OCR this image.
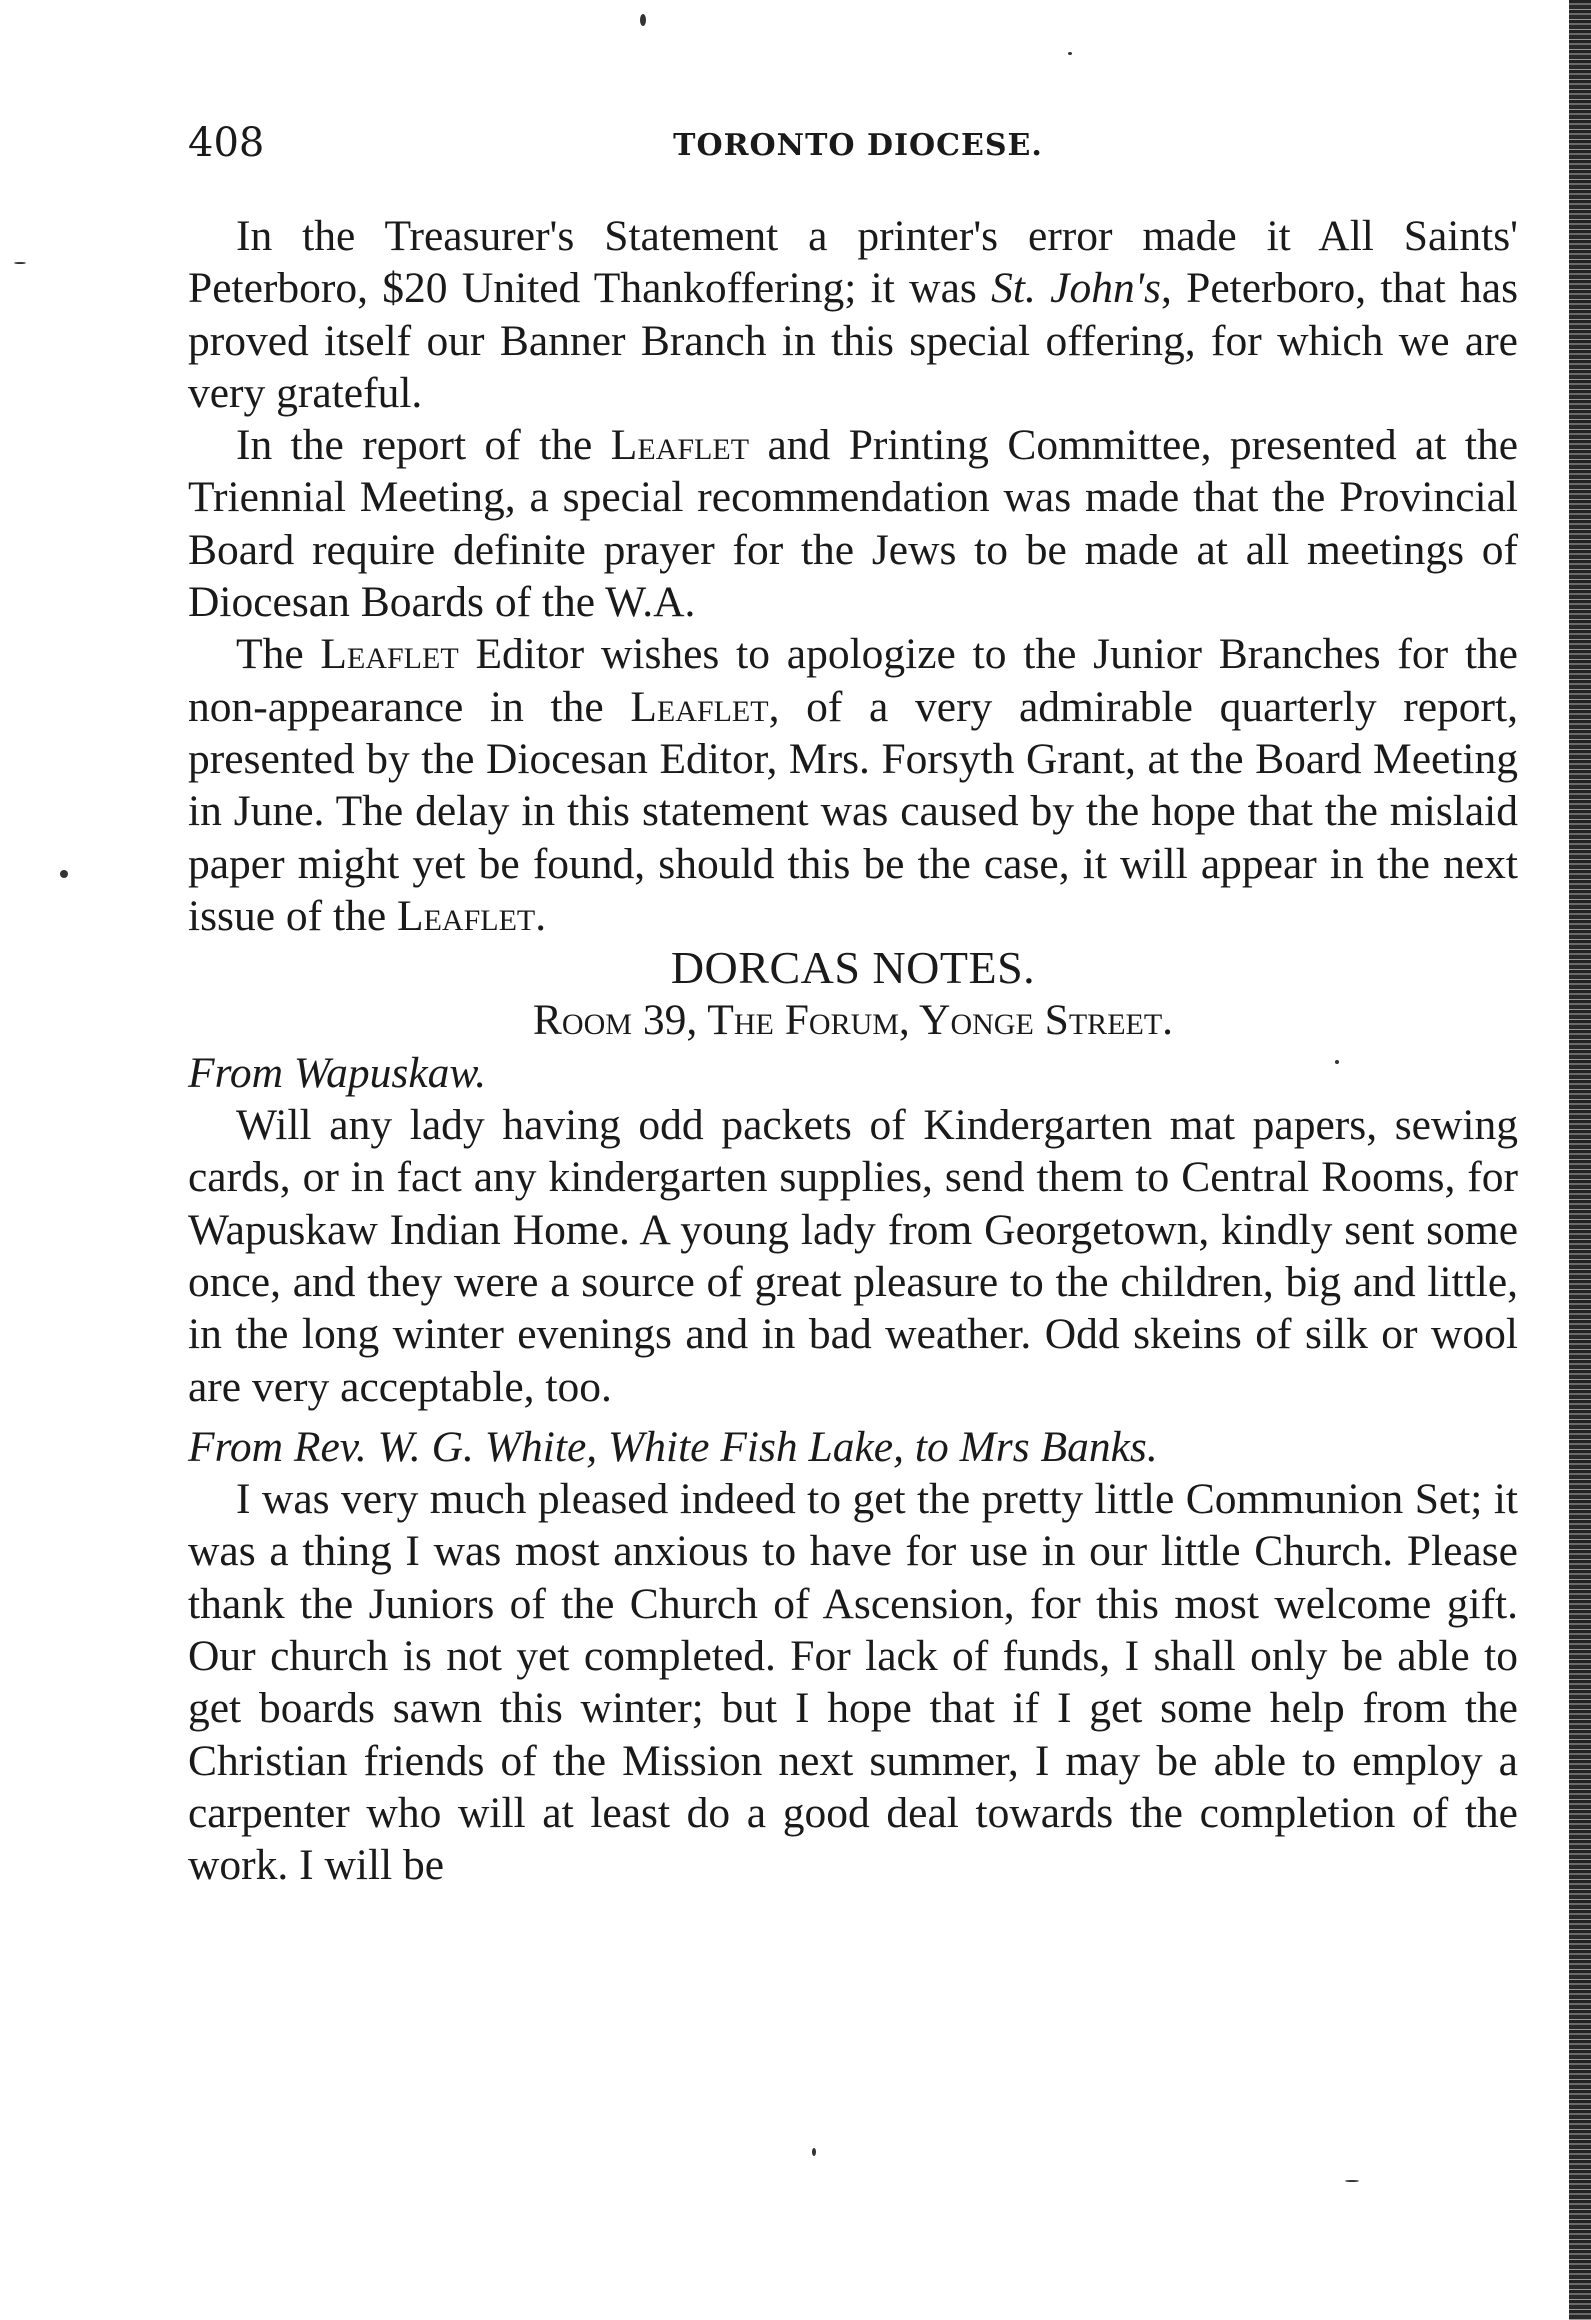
408	TORONTO DIOCESE.

In the Treasurer's Statement a printer's error made it All Saints' Peterboro, $20 United Thankoffering; it was St. John's, Peterboro, that has proved itself our Banner Branch in this special offering, for which we are very grateful.

In the report of the Leaflet and Printing Committee, presented at the Triennial Meeting, a special recommendation was made that the Provincial Board require definite prayer for the Jews to be made at all meetings of Diocesan Boards of the W.A.

The Leaflet Editor wishes to apologize to the Junior Branches for the non-appearance in the Leaflet, of a very admirable quarterly report, presented by the Diocesan Editor, Mrs. Forsyth Grant, at the Board Meeting in June. The delay in this statement was caused by the hope that the mislaid paper might yet be found, should this be the case, it will appear in the next issue of the Leaflet.

DORCAS NOTES.

Room 39, The Forum, Yonge Street.

From Wapuskaw.

Will any lady having odd packets of Kindergarten mat papers, sewing cards, or in fact any kindergarten supplies, send them to Central Rooms, for Wapuskaw Indian Home. A young lady from Georgetown, kindly sent some once, and they were a source of great pleasure to the children, big and little, in the long winter evenings and in bad weather. Odd skeins of silk or wool are very acceptable, too.

From Rev. W. G. White, White Fish Lake, to Mrs Banks.

I was very much pleased indeed to get the pretty little Communion Set; it was a thing I was most anxious to have for use in our little Church. Please thank the Juniors of the Church of Ascension, for this most welcome gift. Our church is not yet completed. For lack of funds, I shall only be able to get boards sawn this winter; but I hope that if I get some help from the Christian friends of the Mission next summer, I may be able to employ a carpenter who will at least do a good deal towards the completion of the work. I will be
